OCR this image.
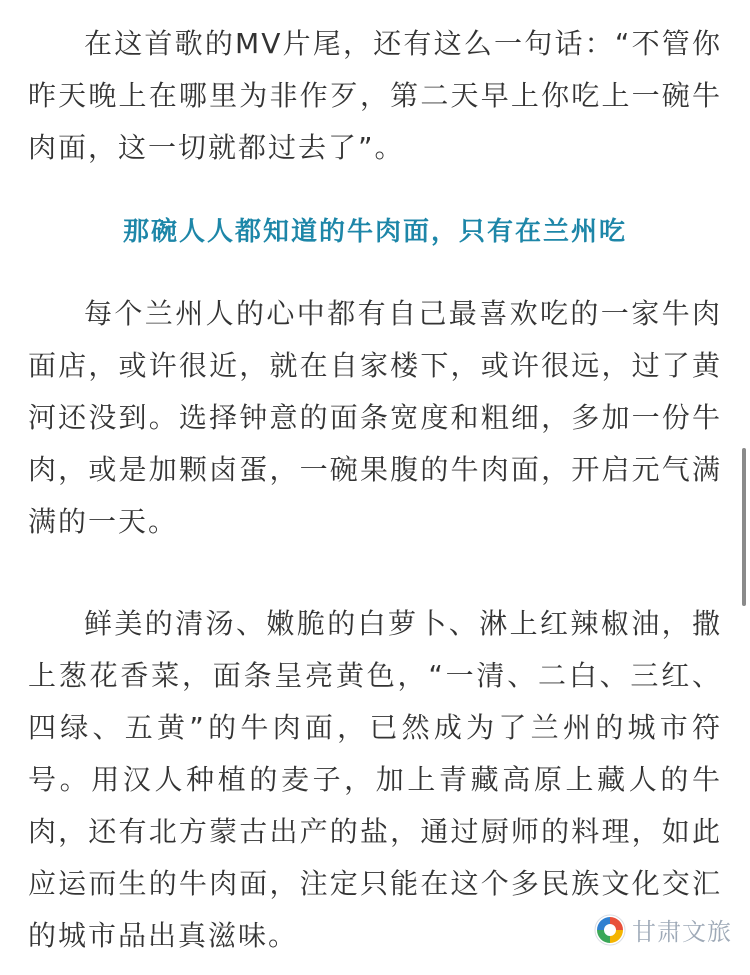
在这首歌的MV片尾，还有这么一句话：“不管你昨天晚上在哪里为非作歹，第二天早上你吃上一碗牛肉面，这一切就都过去了”。

那碗人人都知道的牛肉面，只有在兰州吃

每个兰州人的心中都有自己最喜欢吃的一家牛肉面店，或许很近，就在自家楼下，或许很远，过了黄河还没到。选择钟意的面条宽度和粗细，多加一份牛肉，或是加颗卤蛋，一碗果腹的牛肉面，开启元气满满的一天。

鲜美的清汤、嫩脆的白萝卜、淋上红辣椒油，撒上葱花香菜，面条呈亮黄色，“一清、二白、三红、四绿、五黄”的牛肉面，已然成为了兰州的城市符号。用汉人种植的麦子，加上青藏高原上藏人的牛肉，还有北方蒙古出产的盐，通过厨师的料理，如此应运而生的牛肉面，注定只能在这个多民族文化交汇的城市品出真滋味。	甘肃文旅
